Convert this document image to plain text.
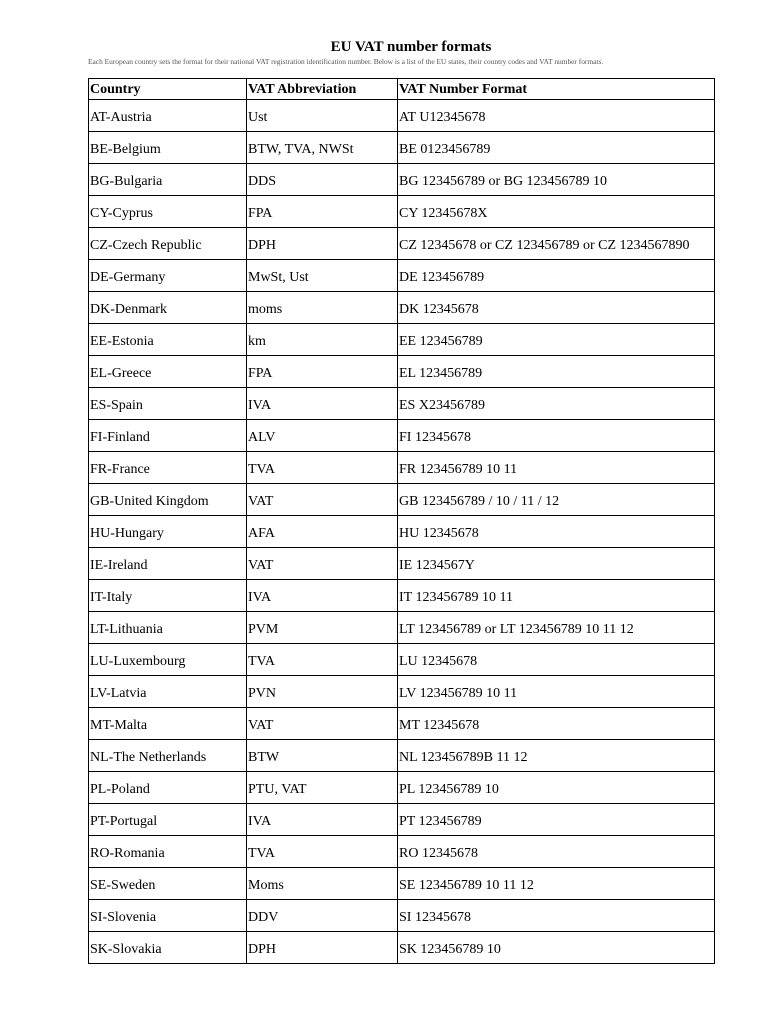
EU VAT number formats
Each European country sets the format for their national VAT registration identification number. Below is a list of the EU states, their country codes and VAT number formats.
Country	VAT Abbreviation	VAT Number Format
AT-Austria	Ust	AT U12345678
BE-Belgium	BTW, TVA, NWSt	BE 0123456789
BG-Bulgaria	DDS	BG 123456789 or BG 123456789 10
CY-Cyprus	FPA	CY 12345678X
CZ-Czech Republic	DPH	CZ 12345678 or CZ 123456789 or CZ 1234567890
DE-Germany	MwSt, Ust	DE 123456789
DK-Denmark	moms	DK 12345678
EE-Estonia	km	EE 123456789
EL-Greece	FPA	EL 123456789
ES-Spain	IVA	ES X23456789
FI-Finland	ALV	FI 12345678
FR-France	TVA	FR 123456789 10 11
GB-United Kingdom	VAT	GB 123456789 / 10 / 11 / 12
HU-Hungary	AFA	HU 12345678
IE-Ireland	VAT	IE 1234567Y
IT-Italy	IVA	IT 123456789 10 11
LT-Lithuania	PVM	LT 123456789 or LT 123456789 10 11 12
LU-Luxembourg	TVA	LU 12345678
LV-Latvia	PVN	LV 123456789 10 11
MT-Malta	VAT	MT 12345678
NL-The Netherlands	BTW	NL 123456789B 11 12
PL-Poland	PTU, VAT	PL 123456789 10
PT-Portugal	IVA	PT 123456789
RO-Romania	TVA	RO 12345678
SE-Sweden	Moms	SE 123456789 10 11 12
SI-Slovenia	DDV	SI 12345678
SK-Slovakia	DPH	SK 123456789 10
